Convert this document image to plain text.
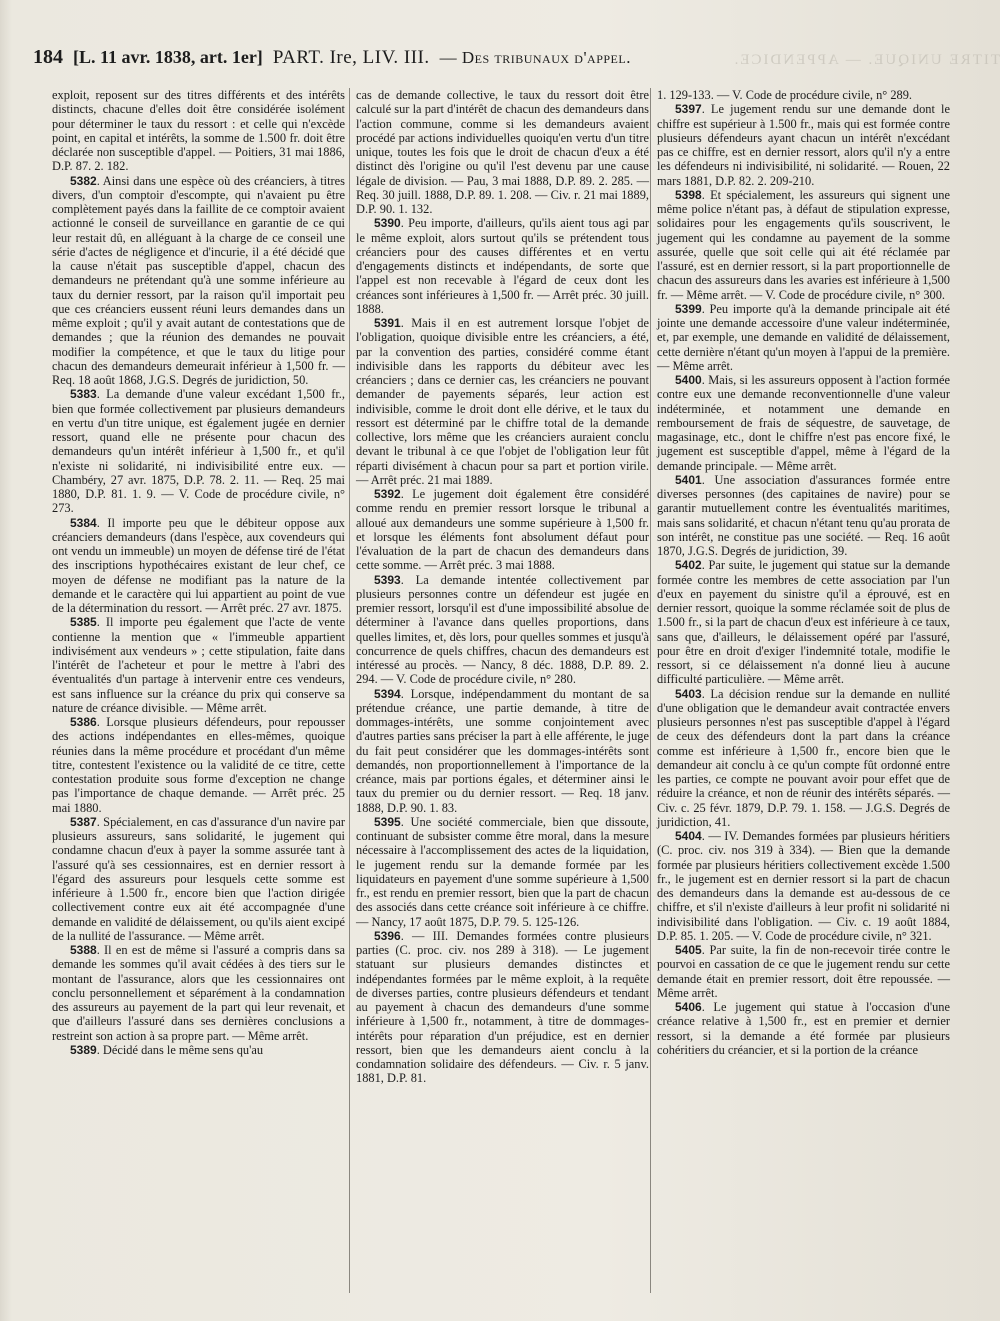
TITRE UNIQUE. — APPENDICE.
184 [L. 11 avr. 1838, art. 1er] PART. Ire, LIV. III. — Des tribunaux d'appel.

exploit, reposent sur des titres différents et des intérêts distincts, chacune d'elles doit être considérée isolément pour déterminer le taux du ressort : et celle qui n'excède point, en capital et intérêts, la somme de 1.500 fr. doit être déclarée non susceptible d'appel. — Poitiers, 31 mai 1886, D.P. 87. 2. 182.

5382. Ainsi dans une espèce où des créanciers, à titres divers, d'un comptoir d'escompte, qui n'avaient pu être complètement payés dans la faillite de ce comptoir avaient actionné le conseil de surveillance en garantie de ce qui leur restait dû, en alléguant à la charge de ce conseil une série d'actes de négligence et d'incurie, il a été décidé que la cause n'était pas susceptible d'appel, chacun des demandeurs ne prétendant qu'à une somme inférieure au taux du dernier ressort, par la raison qu'il importait peu que ces créanciers eussent réuni leurs demandes dans un même exploit ; qu'il y avait autant de contestations que de demandes ; que la réunion des demandes ne pouvait modifier la compétence, et que le taux du litige pour chacun des demandeurs demeurait inférieur à 1,500 fr. — Req. 18 août 1868, J.G.S. Degrés de juridiction, 50.

5383. La demande d'une valeur excédant 1,500 fr., bien que formée collectivement par plusieurs demandeurs en vertu d'un titre unique, est également jugée en dernier ressort, quand elle ne présente pour chacun des demandeurs qu'un intérêt inférieur à 1,500 fr., et qu'il n'existe ni solidarité, ni indivisibilité entre eux. — Chambéry, 27 avr. 1875, D.P. 78. 2. 11. — Req. 25 mai 1880, D.P. 81. 1. 9. — V. Code de procédure civile, n° 273.

5384. Il importe peu que le débiteur oppose aux créanciers demandeurs (dans l'espèce, aux covendeurs qui ont vendu un immeuble) un moyen de défense tiré de l'état des inscriptions hypothécaires existant de leur chef, ce moyen de défense ne modifiant pas la nature de la demande et le caractère qui lui appartient au point de vue de la détermination du ressort. — Arrêt préc. 27 avr. 1875.

5385. Il importe peu également que l'acte de vente contienne la mention que « l'immeuble appartient indivisément aux vendeurs » ; cette stipulation, faite dans l'intérêt de l'acheteur et pour le mettre à l'abri des éventualités d'un partage à intervenir entre ces vendeurs, est sans influence sur la créance du prix qui conserve sa nature de créance divisible. — Même arrêt.

5386. Lorsque plusieurs défendeurs, pour repousser des actions indépendantes en elles-mêmes, quoique réunies dans la même procédure et procédant d'un même titre, contestent l'existence ou la validité de ce titre, cette contestation produite sous forme d'exception ne change pas l'importance de chaque demande. — Arrêt préc. 25 mai 1880.

5387. Spécialement, en cas d'assurance d'un navire par plusieurs assureurs, sans solidarité, le jugement qui condamne chacun d'eux à payer la somme assurée tant à l'assuré qu'à ses cessionnaires, est en dernier ressort à l'égard des assureurs pour lesquels cette somme est inférieure à 1.500 fr., encore bien que l'action dirigée collectivement contre eux ait été accompagnée d'une demande en validité de délaissement, ou qu'ils aient excipé de la nullité de l'assurance. — Même arrêt.

5388. Il en est de même si l'assuré a compris dans sa demande les sommes qu'il avait cédées à des tiers sur le montant de l'assurance, alors que les cessionnaires ont conclu personnellement et séparément à la condamnation des assureurs au payement de la part qui leur revenait, et que d'ailleurs l'assuré dans ses dernières conclusions a restreint son action à sa propre part. — Même arrêt.

5389. Décidé dans le même sens qu'au

cas de demande collective, le taux du ressort doit être calculé sur la part d'intérêt de chacun des demandeurs dans l'action commune, comme si les demandeurs avaient procédé par actions individuelles quoiqu'en vertu d'un titre unique, toutes les fois que le droit de chacun d'eux a été distinct dès l'origine ou qu'il l'est devenu par une cause légale de division. — Pau, 3 mai 1888, D.P. 89. 2. 285. — Req. 30 juill. 1888, D.P. 89. 1. 208. — Civ. r. 21 mai 1889, D.P. 90. 1. 132.

5390. Peu importe, d'ailleurs, qu'ils aient tous agi par le même exploit, alors surtout qu'ils se prétendent tous créanciers pour des causes différentes et en vertu d'engagements distincts et indépendants, de sorte que l'appel est non recevable à l'égard de ceux dont les créances sont inférieures à 1,500 fr. — Arrêt préc. 30 juill. 1888.

5391. Mais il en est autrement lorsque l'objet de l'obligation, quoique divisible entre les créanciers, a été, par la convention des parties, considéré comme étant indivisible dans les rapports du débiteur avec les créanciers ; dans ce dernier cas, les créanciers ne pouvant demander de payements séparés, leur action est indivisible, comme le droit dont elle dérive, et le taux du ressort est déterminé par le chiffre total de la demande collective, lors même que les créanciers auraient conclu devant le tribunal à ce que l'objet de l'obligation leur fût réparti divisément à chacun pour sa part et portion virile. — Arrêt préc. 21 mai 1889.

5392. Le jugement doit également être considéré comme rendu en premier ressort lorsque le tribunal a alloué aux demandeurs une somme supérieure à 1,500 fr. et lorsque les éléments font absolument défaut pour l'évaluation de la part de chacun des demandeurs dans cette somme. — Arrêt préc. 3 mai 1888.

5393. La demande intentée collectivement par plusieurs personnes contre un défendeur est jugée en premier ressort, lorsqu'il est d'une impossibilité absolue de déterminer à l'avance dans quelles proportions, dans quelles limites, et, dès lors, pour quelles sommes et jusqu'à concurrence de quels chiffres, chacun des demandeurs est intéressé au procès. — Nancy, 8 déc. 1888, D.P. 89. 2. 294. — V. Code de procédure civile, n° 280.

5394. Lorsque, indépendamment du montant de sa prétendue créance, une partie demande, à titre de dommages-intérêts, une somme conjointement avec d'autres parties sans préciser la part à elle afférente, le juge du fait peut considérer que les dommages-intérêts sont demandés, non proportionnellement à l'importance de la créance, mais par portions égales, et déterminer ainsi le taux du premier ou du dernier ressort. — Req. 18 janv. 1888, D.P. 90. 1. 83.

5395. Une société commerciale, bien que dissoute, continuant de subsister comme être moral, dans la mesure nécessaire à l'accomplissement des actes de la liquidation, le jugement rendu sur la demande formée par les liquidateurs en payement d'une somme supérieure à 1,500 fr., est rendu en premier ressort, bien que la part de chacun des associés dans cette créance soit inférieure à ce chiffre. — Nancy, 17 août 1875, D.P. 79. 5. 125-126.

5396. — III. Demandes formées contre plusieurs parties (C. proc. civ. nos 289 à 318). — Le jugement statuant sur plusieurs demandes distinctes et indépendantes formées par le même exploit, à la requête de diverses parties, contre plusieurs défendeurs et tendant au payement à chacun des demandeurs d'une somme inférieure à 1,500 fr., notamment, à titre de dommages-intérêts pour réparation d'un préjudice, est en dernier ressort, bien que les demandeurs aient conclu à la condamnation solidaire des défendeurs. — Civ. r. 5 janv. 1881, D.P. 81.

1. 129-133. — V. Code de procédure civile, n° 289.

5397. Le jugement rendu sur une demande dont le chiffre est supérieur à 1.500 fr., mais qui est formée contre plusieurs défendeurs ayant chacun un intérêt n'excédant pas ce chiffre, est en dernier ressort, alors qu'il n'y a entre les défendeurs ni indivisibilité, ni solidarité. — Rouen, 22 mars 1881, D.P. 82. 2. 209-210.

5398. Et spécialement, les assureurs qui signent une même police n'étant pas, à défaut de stipulation expresse, solidaires pour les engagements qu'ils souscrivent, le jugement qui les condamne au payement de la somme assurée, quelle que soit celle qui ait été réclamée par l'assuré, est en dernier ressort, si la part proportionnelle de chacun des assureurs dans les avaries est inférieure à 1,500 fr. — Même arrêt. — V. Code de procédure civile, n° 300.

5399. Peu importe qu'à la demande principale ait été jointe une demande accessoire d'une valeur indéterminée, et, par exemple, une demande en validité de délaissement, cette dernière n'étant qu'un moyen à l'appui de la première. — Même arrêt.

5400. Mais, si les assureurs opposent à l'action formée contre eux une demande reconventionnelle d'une valeur indéterminée, et notamment une demande en remboursement de frais de séquestre, de sauvetage, de magasinage, etc., dont le chiffre n'est pas encore fixé, le jugement est susceptible d'appel, même à l'égard de la demande principale. — Même arrêt.

5401. Une association d'assurances formée entre diverses personnes (des capitaines de navire) pour se garantir mutuellement contre les éventualités maritimes, mais sans solidarité, et chacun n'étant tenu qu'au prorata de son intérêt, ne constitue pas une société. — Req. 16 août 1870, J.G.S. Degrés de juridiction, 39.

5402. Par suite, le jugement qui statue sur la demande formée contre les membres de cette association par l'un d'eux en payement du sinistre qu'il a éprouvé, est en dernier ressort, quoique la somme réclamée soit de plus de 1.500 fr., si la part de chacun d'eux est inférieure à ce taux, sans que, d'ailleurs, le délaissement opéré par l'assuré, pour être en droit d'exiger l'indemnité totale, modifie le ressort, si ce délaissement n'a donné lieu à aucune difficulté particulière. — Même arrêt.

5403. La décision rendue sur la demande en nullité d'une obligation que le demandeur avait contractée envers plusieurs personnes n'est pas susceptible d'appel à l'égard de ceux des défendeurs dont la part dans la créance comme est inférieure à 1,500 fr., encore bien que le demandeur ait conclu à ce qu'un compte fût ordonné entre les parties, ce compte ne pouvant avoir pour effet que de réduire la créance, et non de réunir des intérêts séparés. — Civ. c. 25 févr. 1879, D.P. 79. 1. 158. — J.G.S. Degrés de juridiction, 41.

5404. — IV. Demandes formées par plusieurs héritiers (C. proc. civ. nos 319 à 334). — Bien que la demande formée par plusieurs héritiers collectivement excède 1.500 fr., le jugement est en dernier ressort si la part de chacun des demandeurs dans la demande est au-dessous de ce chiffre, et s'il n'existe d'ailleurs à leur profit ni solidarité ni indivisibilité dans l'obligation. — Civ. c. 19 août 1884, D.P. 85. 1. 205. — V. Code de procédure civile, n° 321.

5405. Par suite, la fin de non-recevoir tirée contre le pourvoi en cassation de ce que le jugement rendu sur cette demande était en premier ressort, doit être repoussée. — Même arrêt.

5406. Le jugement qui statue à l'occasion d'une créance relative à 1,500 fr., est en premier et dernier ressort, si la demande a été formée par plusieurs cohéritiers du créancier, et si la portion de la créance
